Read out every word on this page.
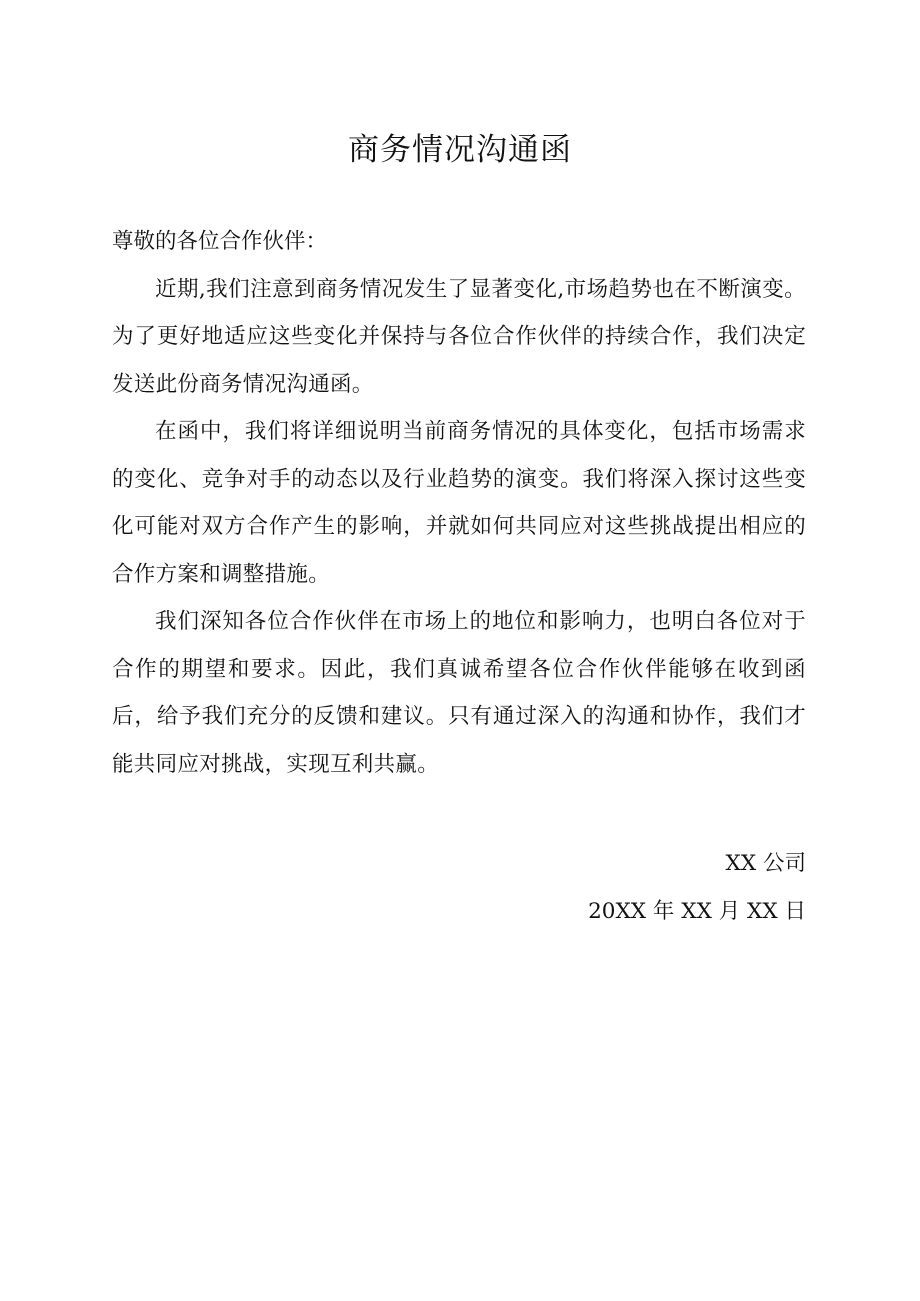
商务情况沟通函

尊敬的各位合作伙伴：

近期,我们注意到商务情况发生了显著变化,市场趋势也在不断演变。为了更好地适应这些变化并保持与各位合作伙伴的持续合作，我们决定发送此份商务情况沟通函。

在函中，我们将详细说明当前商务情况的具体变化，包括市场需求的变化、竞争对手的动态以及行业趋势的演变。我们将深入探讨这些变化可能对双方合作产生的影响，并就如何共同应对这些挑战提出相应的合作方案和调整措施。

我们深知各位合作伙伴在市场上的地位和影响力，也明白各位对于合作的期望和要求。因此，我们真诚希望各位合作伙伴能够在收到函后，给予我们充分的反馈和建议。只有通过深入的沟通和协作，我们才能共同应对挑战，实现互利共赢。

XX 公司
20XX 年 XX 月 XX 日
